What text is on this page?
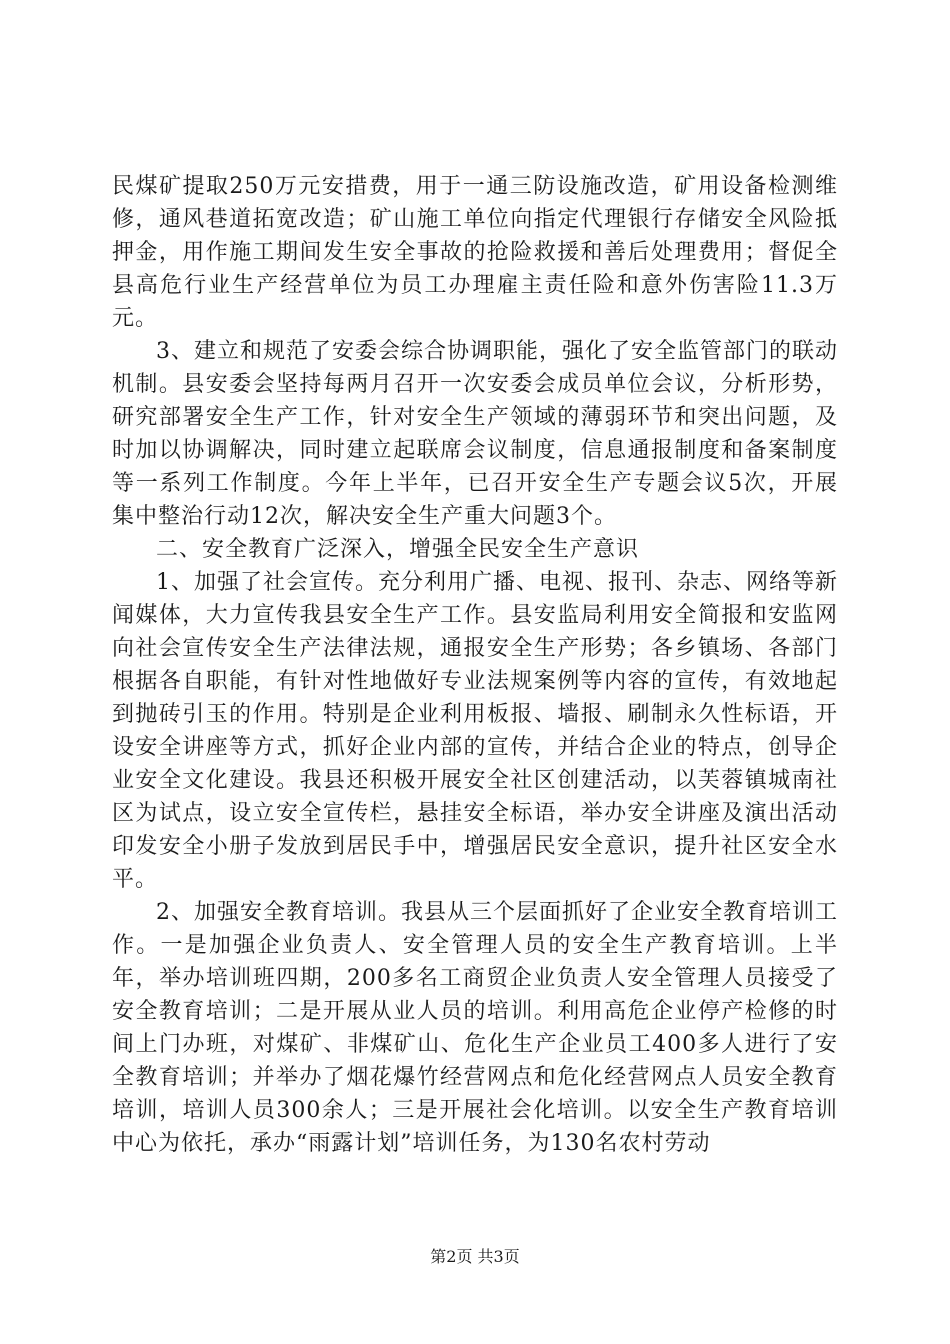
民煤矿提取250万元安措费，用于一通三防设施改造，矿用设备检测维修，通风巷道拓宽改造；矿山施工单位向指定代理银行存储安全风险抵押金，用作施工期间发生安全事故的抢险救援和善后处理费用；督促全县高危行业生产经营单位为员工办理雇主责任险和意外伤害险11.3万元。

3、建立和规范了安委会综合协调职能，强化了安全监管部门的联动机制。县安委会坚持每两月召开一次安委会成员单位会议，分析形势，研究部署安全生产工作，针对安全生产领域的薄弱环节和突出问题，及时加以协调解决，同时建立起联席会议制度，信息通报制度和备案制度等一系列工作制度。今年上半年，已召开安全生产专题会议5次，开展集中整治行动12次，解决安全生产重大问题3个。

二、安全教育广泛深入，增强全民安全生产意识

1、加强了社会宣传。充分利用广播、电视、报刊、杂志、网络等新闻媒体，大力宣传我县安全生产工作。县安监局利用安全简报和安监网向社会宣传安全生产法律法规，通报安全生产形势；各乡镇场、各部门根据各自职能，有针对性地做好专业法规案例等内容的宣传，有效地起到抛砖引玉的作用。特别是企业利用板报、墙报、刷制永久性标语，开设安全讲座等方式，抓好企业内部的宣传，并结合企业的特点，创导企业安全文化建设。我县还积极开展安全社区创建活动，以芙蓉镇城南社区为试点，设立安全宣传栏，悬挂安全标语，举办安全讲座及演出活动印发安全小册子发放到居民手中，增强居民安全意识，提升社区安全水平。

2、加强安全教育培训。我县从三个层面抓好了企业安全教育培训工作。一是加强企业负责人、安全管理人员的安全生产教育培训。上半年，举办培训班四期，200多名工商贸企业负责人安全管理人员接受了安全教育培训；二是开展从业人员的培训。利用高危企业停产检修的时间上门办班，对煤矿、非煤矿山、危化生产企业员工400多人进行了安全教育培训；并举办了烟花爆竹经营网点和危化经营网点人员安全教育培训，培训人员300余人；三是开展社会化培训。以安全生产教育培训中心为依托，承办“雨露计划”培训任务，为130名农村劳动

第2页 共3页
